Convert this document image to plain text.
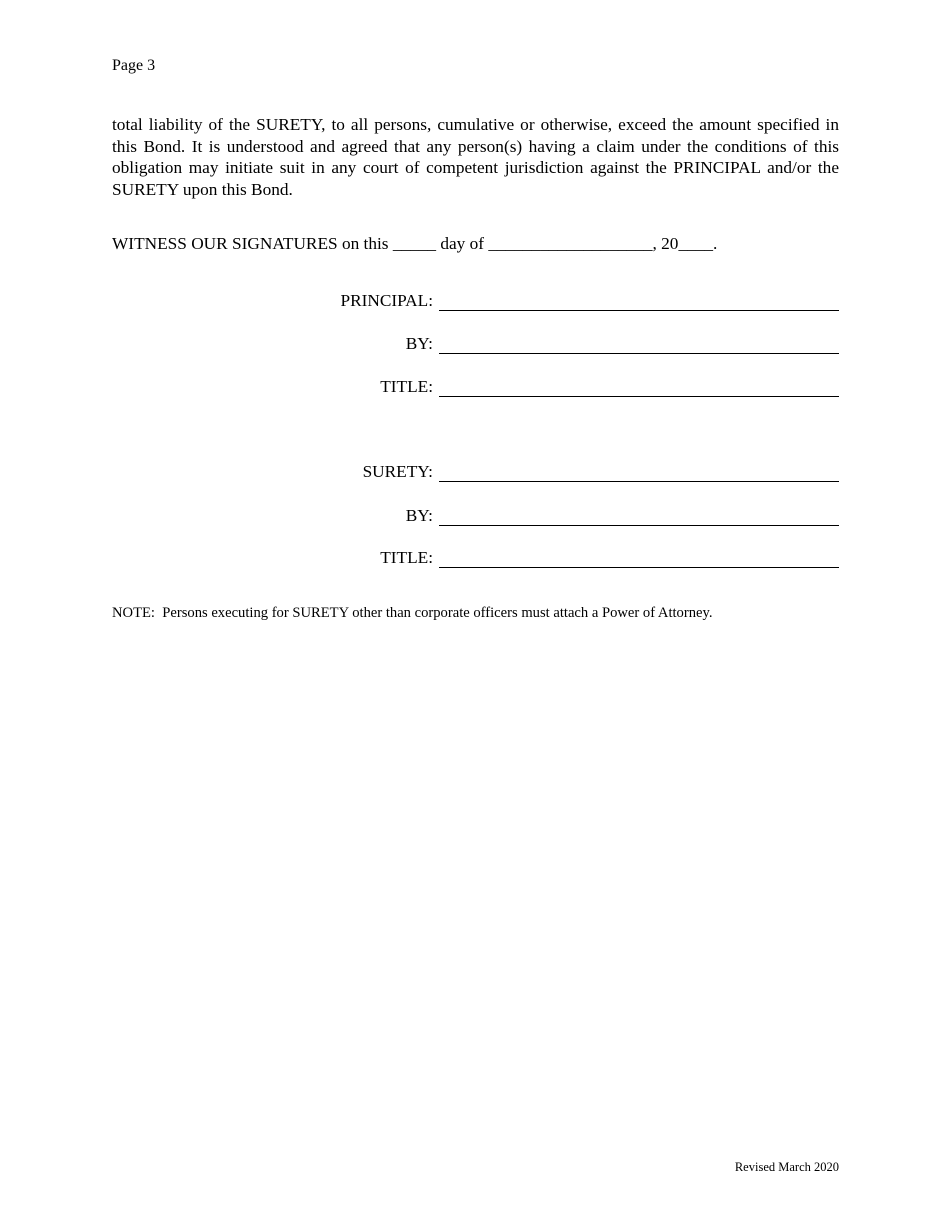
Page 3

total liability of the SURETY, to all persons, cumulative or otherwise, exceed the amount specified in this Bond. It is understood and agreed that any person(s) having a claim under the conditions of this obligation may initiate suit in any court of competent jurisdiction against the PRINCIPAL and/or the SURETY upon this Bond.

WITNESS OUR SIGNATURES on this _____ day of ___________________, 20____.
PRINCIPAL:
BY:
TITLE:
SURETY:
BY:
TITLE:
NOTE:  Persons executing for SURETY other than corporate officers must attach a Power of Attorney.
Revised March 2020
